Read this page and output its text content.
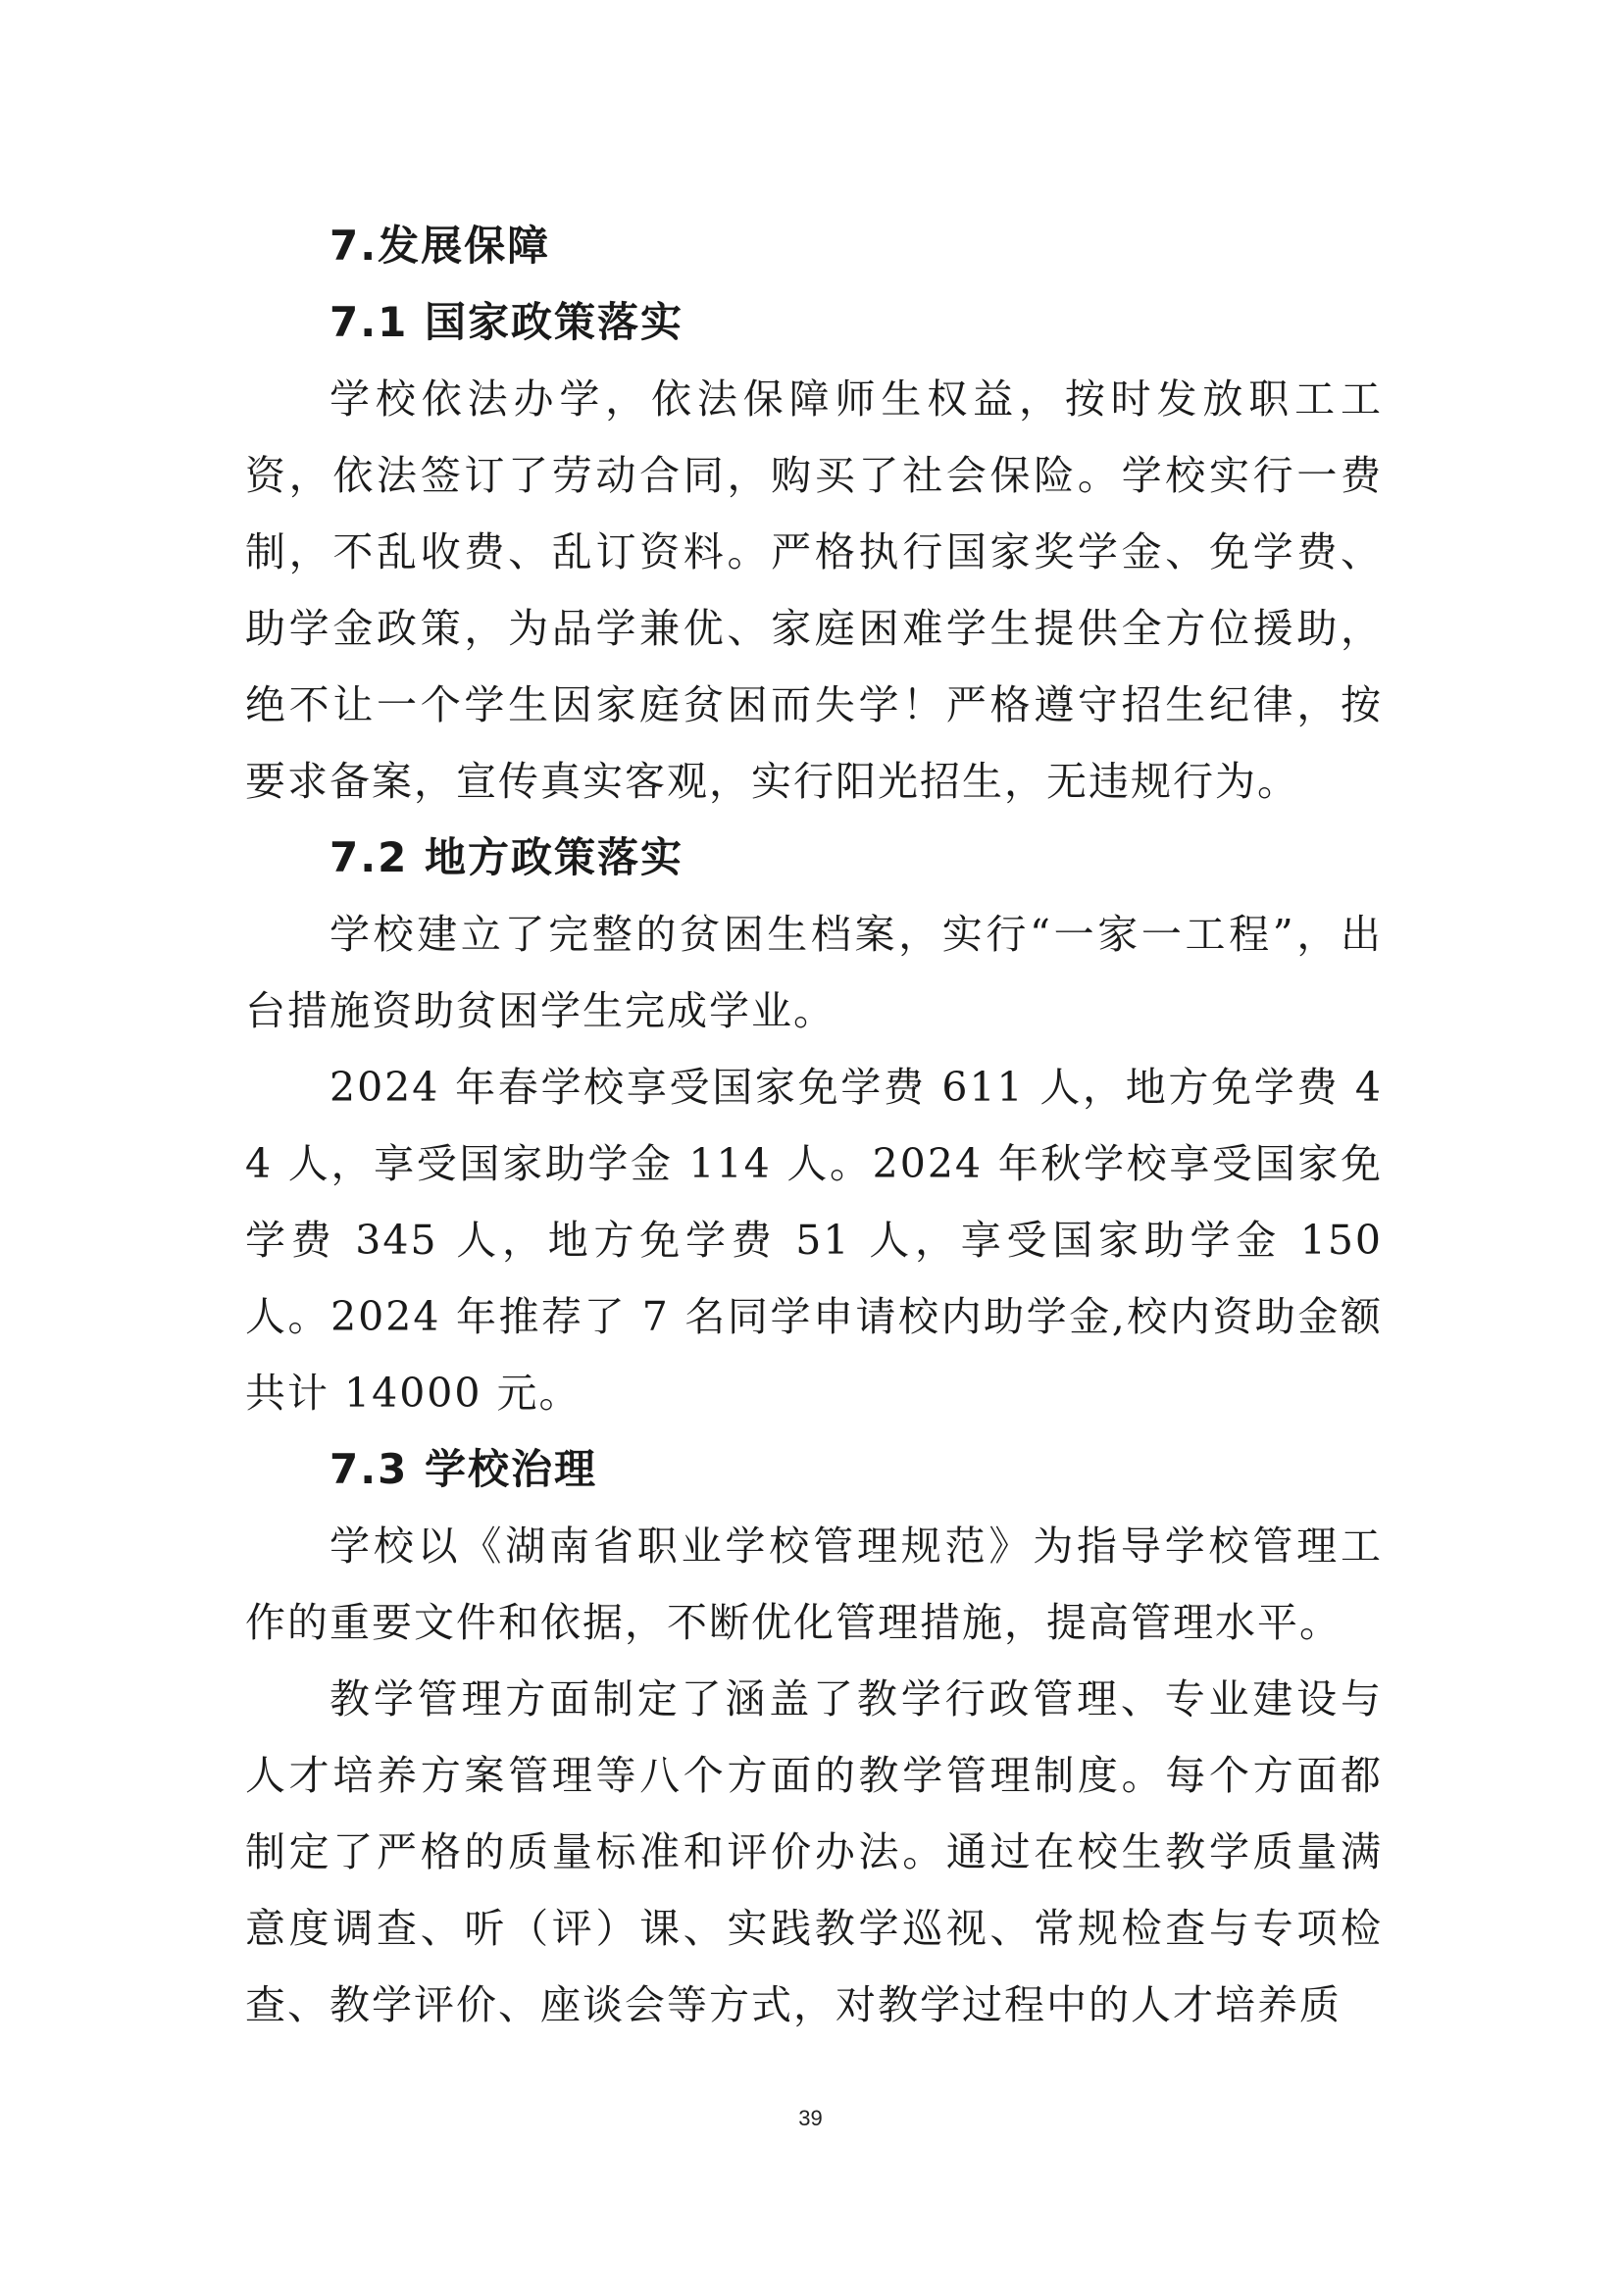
7.发展保障
7.1 国家政策落实

学校依法办学，依法保障师生权益，按时发放职工工资，依法签订了劳动合同，购买了社会保险。学校实行一费制，不乱收费、乱订资料。严格执行国家奖学金、免学费、助学金政策，为品学兼优、家庭困难学生提供全方位援助，绝不让一个学生因家庭贫困而失学！严格遵守招生纪律，按要求备案，宣传真实客观，实行阳光招生，无违规行为。

7.2 地方政策落实

学校建立了完整的贫困生档案，实行“一家一工程”，出台措施资助贫困学生完成学业。

2024 年春学校享受国家免学费 611 人，地方免学费 44 人，享受国家助学金 114 人。2024 年秋学校享受国家免学费 345 人，地方免学费 51 人，享受国家助学金 150 人。2024 年推荐了 7 名同学申请校内助学金,校内资助金额共计 14000 元。

7.3 学校治理

学校以《湖南省职业学校管理规范》为指导学校管理工作的重要文件和依据，不断优化管理措施，提高管理水平。

教学管理方面制定了涵盖了教学行政管理、专业建设与人才培养方案管理等八个方面的教学管理制度。每个方面都制定了严格的质量标准和评价办法。通过在校生教学质量满意度调查、听（评）课、实践教学巡视、常规检查与专项检查、教学评价、座谈会等方式，对教学过程中的人才培养质

39
